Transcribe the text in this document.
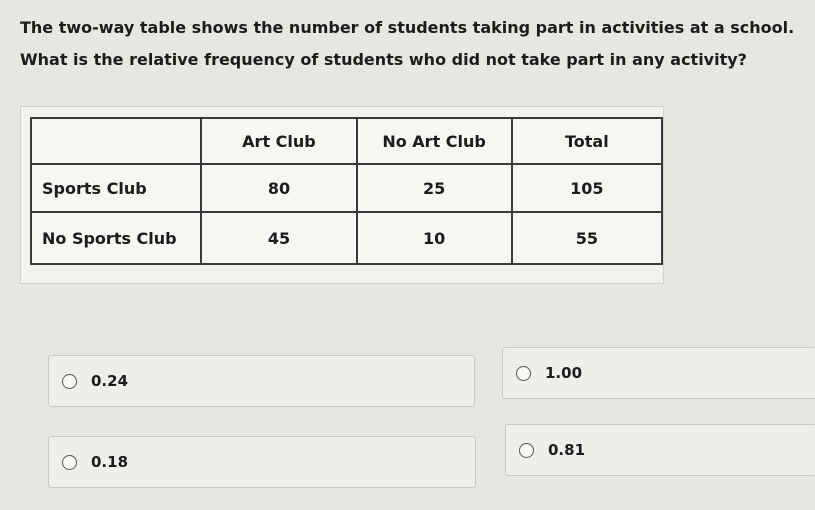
The two-way table shows the number of students taking part in activities at a school.

What is the relative frequency of students who did not take part in any activity?

	Art Club	No Art Club	Total
Sports Club	80	25	105
No Sports Club	45	10	55
0.24	1.00
0.18
0.81
